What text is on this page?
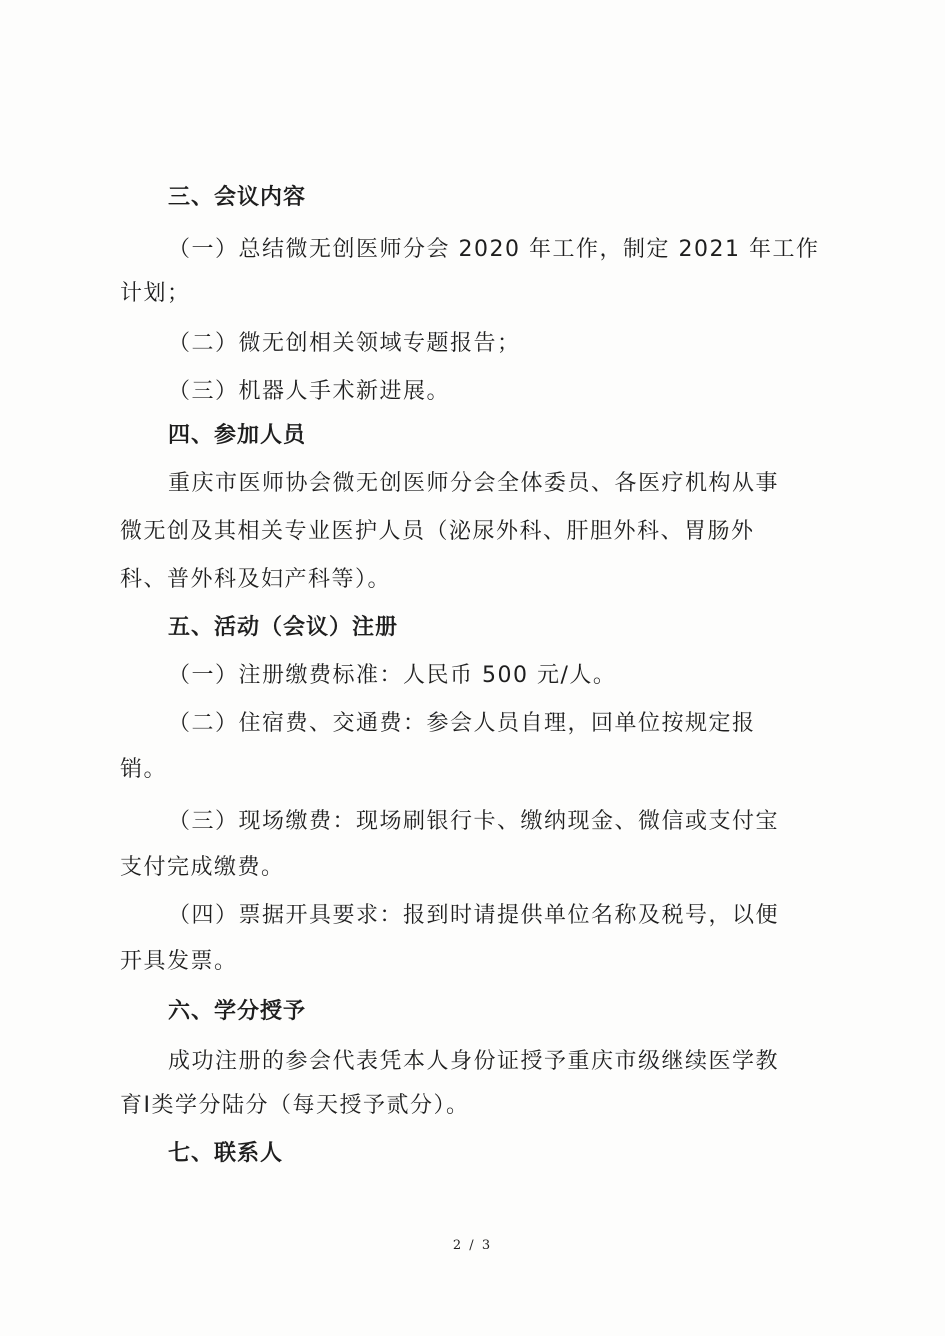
三、会议内容

（一）总结微无创医师分会 2020 年工作，制定 2021 年工作

计划；

（二）微无创相关领域专题报告；

（三）机器人手术新进展。

四、参加人员

重庆市医师协会微无创医师分会全体委员、各医疗机构从事

微无创及其相关专业医护人员（泌尿外科、肝胆外科、胃肠外

科、普外科及妇产科等）。

五、活动（会议）注册

（一）注册缴费标准：人民币 500 元/人。

（二）住宿费、交通费：参会人员自理，回单位按规定报

销。

（三）现场缴费：现场刷银行卡、缴纳现金、微信或支付宝

支付完成缴费。

（四）票据开具要求：报到时请提供单位名称及税号，以便

开具发票。

六、学分授予

成功注册的参会代表凭本人身份证授予重庆市级继续医学教

育Ⅰ类学分陆分（每天授予贰分）。

七、联系人

2 / 3
